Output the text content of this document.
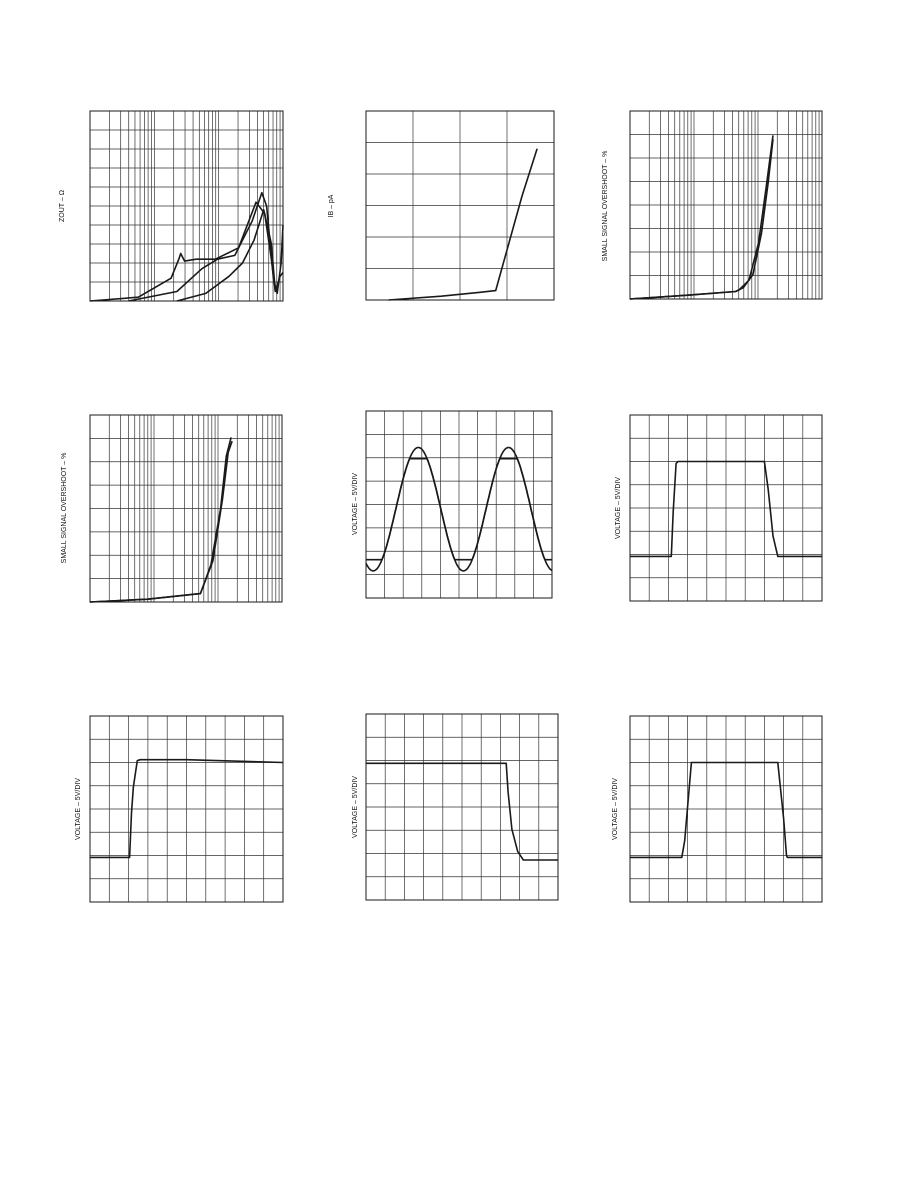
ZOUT – Ω	IB – pA	SMALL SIGNAL OVERSHOOT – %
SMALL SIGNAL OVERSHOOT – %	VOLTAGE – 5V/DIV	VOLTAGE – 5V/DIV
VOLTAGE – 5V/DIV	VOLTAGE – 5V/DIV	VOLTAGE – 5V/DIV
